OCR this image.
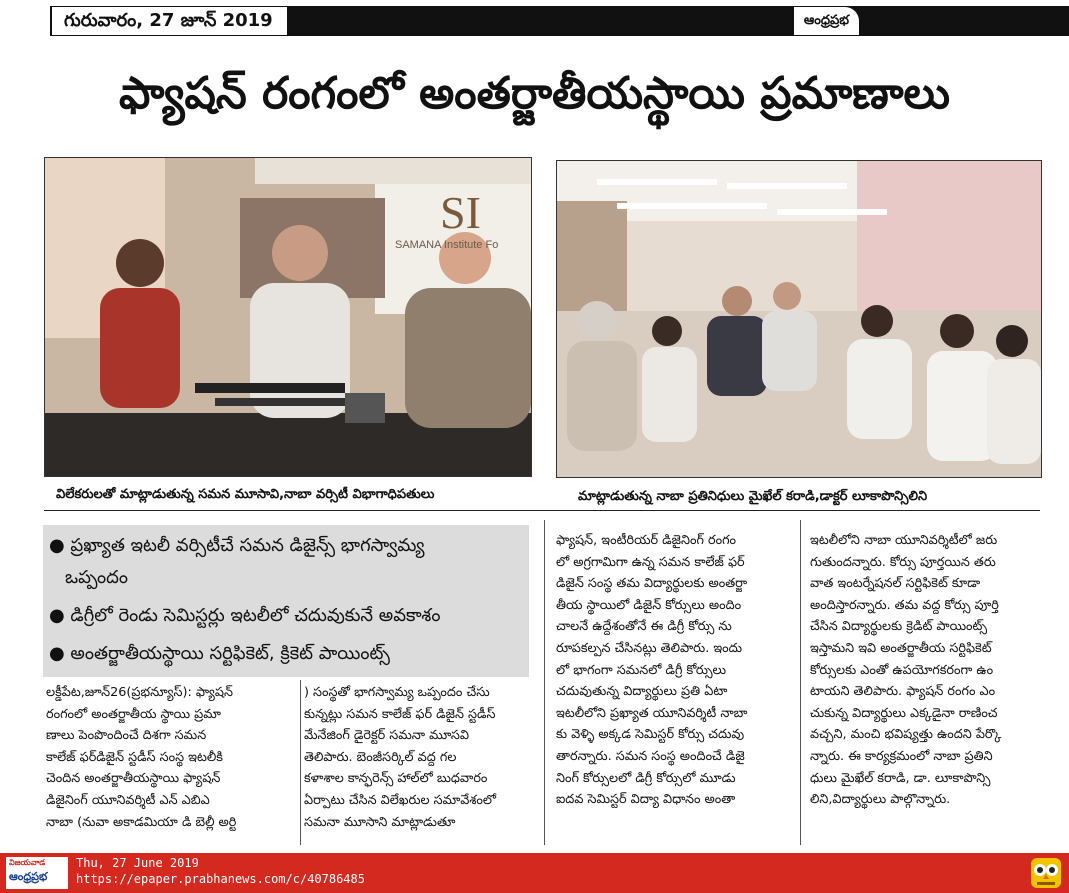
గురువారం, 27 జూన్ 2019	ఆంధ్రప్రభ
ఫ్యాషన్ రంగంలో అంతర్జాతీయస్థాయి ప్రమాణాలు
SI
SAMANA Institute Fo
విలేకరులతో మాట్లాడుతున్న సమన మూసావి,నాబా వర్సిటీ విభాగాధిపతులు	మాట్లాడుతున్న నాబా ప్రతినిధులు మైఖేల్ కరాడి,డాక్టర్ లూకాపొన్సిలిని
● ప్రఖ్యాత ఇటలీ వర్సిటీచే సమన డిజైన్స్ భాగస్వామ్య
ఒప్పందం
● డిగ్రీలో రెండు సెమిస్టర్లు ఇటలీలో చదువుకునే అవకాశం
● అంతర్జాతీయస్థాయి సర్టిఫికెట్, క్రికెట్ పాయింట్స్

లక్డీపేట,జూన్26(ప్రభన్యూస్): ఫ్యాషన్

రంగంలో అంతర్జాతీయ స్థాయి ప్రమా

ణాలు పెంపొందించే దిశగా సమన

కాలేజ్ ఫర్‌డిజైన్ స్టడీస్ సంస్థ ఇటలీకి

చెందిన అంతర్జాతీయస్థాయి ఫ్యాషన్

డిజైనింగ్ యూనివర్శిటీ ఎన్ ఎబిఎ

నాబా (నువా అకాడమియా డి బెల్లీ అర్టి

) సంస్థతో భాగస్వామ్య ఒప్పందం చేసు

కున్నట్లు సమన కాలేజ్ ఫర్ డిజైన్ స్టడీస్

మేనేజింగ్ డైరెక్టర్ సమనా మూసవి

తెలిపారు. బెంజీసర్కిల్ వద్ద గల

కళాశాల కాన్ఫరెన్స్ హాల్‌లో బుధవారం

ఏర్పాటు చేసిన విలేఖరుల సమావేశంలో

సమనా మూసాని మాట్లాడుతూ

ఫ్యాషన్, ఇంటీరియర్ డిజైనింగ్ రంగం

లో అగ్రగామిగా ఉన్న సమన కాలేజ్ ఫర్

డిజైన్ సంస్థ తమ విద్యార్థులకు అంతర్జా

తీయ స్థాయిలో డిజైన్ కోర్సులు అందిం

చాలనే ఉద్దేశంతోనే ఈ డిగ్రీ కోర్సు ను

రూపకల్పన చేసినట్లు తెలిపారు. ఇందు

లో భాగంగా సమనలో డిగ్రీ కోర్సులు

చదువుతున్న విద్యార్థులు ప్రతి ఏటా

ఇటలీలోని ప్రఖ్యాత యూనివర్శిటీ నాబా

కు వెళ్ళి అక్కడ సెమిస్టర్ కోర్సు చదువు

తారన్నారు. సమన సంస్థ అందించే డిజై

నింగ్ కోర్సులలో డిగ్రీ కోర్సులో మూడు

ఐదవ సెమిస్టర్ విద్యా విధానం అంతా

ఇటలీలోని నాబా యూనివర్శిటీలో జరు

గుతుందన్నారు. కోర్సు పూర్తయిన తరు

వాత ఇంటర్నేషనల్ సర్టిఫికెట్ కూడా

అందిస్తారన్నారు. తమ వద్ద కోర్సు పూర్తి

చేసిన విద్యార్థులకు క్రెడిట్ పాయింట్స్

ఇస్తామని ఇవి అంతర్జాతీయ సర్టిఫికెట్

కోర్సులకు ఎంతో ఉపయోగకరంగా ఉం

టాయని తెలిపారు. ఫ్యాషన్ రంగం ఎం

చుకున్న విద్యార్థులు ఎక్కడైనా రాణించ

వచ్చని, మంచి భవిష్యత్తు ఉందని పేర్కొ

న్నారు. ఈ కార్యక్రమంలో నాబా ప్రతిని

ధులు మైఖేల్ కరాడి, డా. లూకాపొన్సి

లిని,విద్యార్థులు పాల్గొన్నారు.

విజయవాడ
ఆంధ్రప్రభ
Thu, 27 June 2019
https://epaper.prabhanews.com/c/40786485
